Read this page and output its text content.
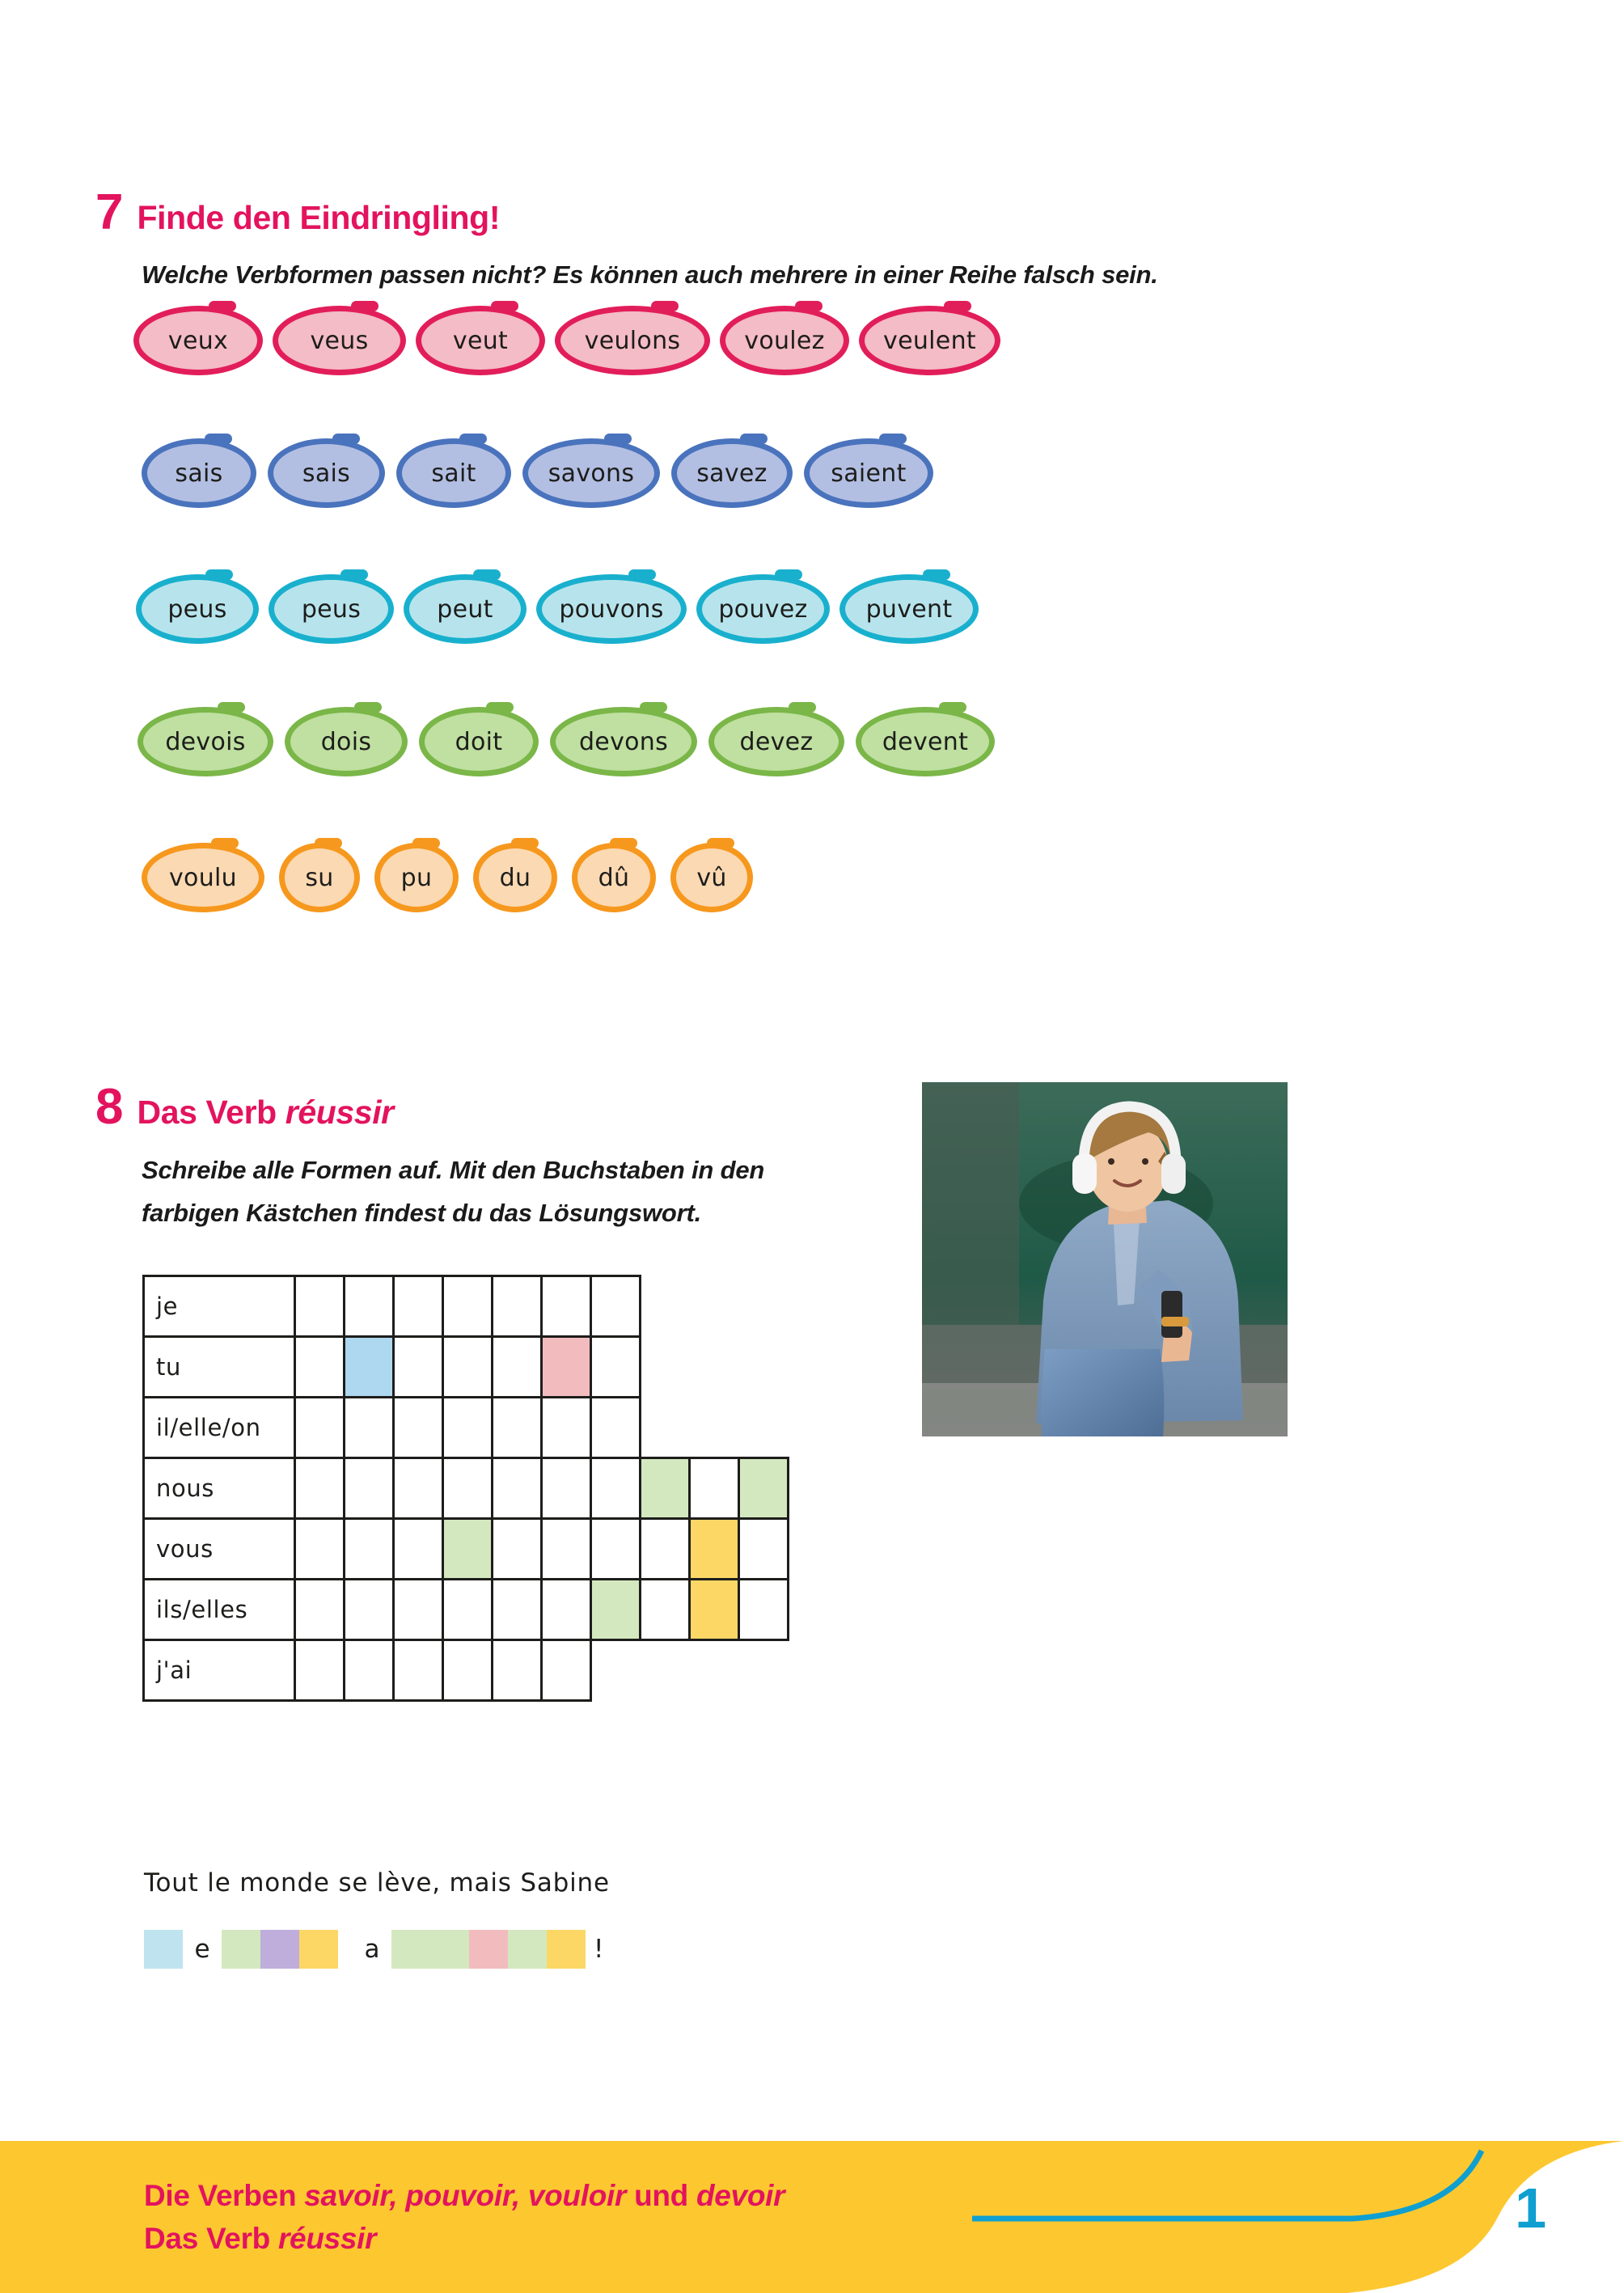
7 Finde den Eindringling!
Welche Verbformen passen nicht? Es können auch mehrere in einer Reihe falsch sein.
veux	veus	veut	veulons	voulez veulent
sais	sais	sait	savons	savez	saient
peus	peus	peut	pouvons pouvez puvent
devois	dois	doit	devons	devez	devent
voulu	su	pu	du	dû	vû
8 Das Verb réussir
Schreibe alle Formen auf. Mit den Buchstaben in den
farbigen Kästchen findest du das Lösungswort.
je
tu
il/elle/on
nous
vous
ils/elles
j'ai
Tout le monde se lève, mais Sabine
e	a	!
Die Verben savoir, pouvoir, vouloir und devoir
Das Verb réussir	1
